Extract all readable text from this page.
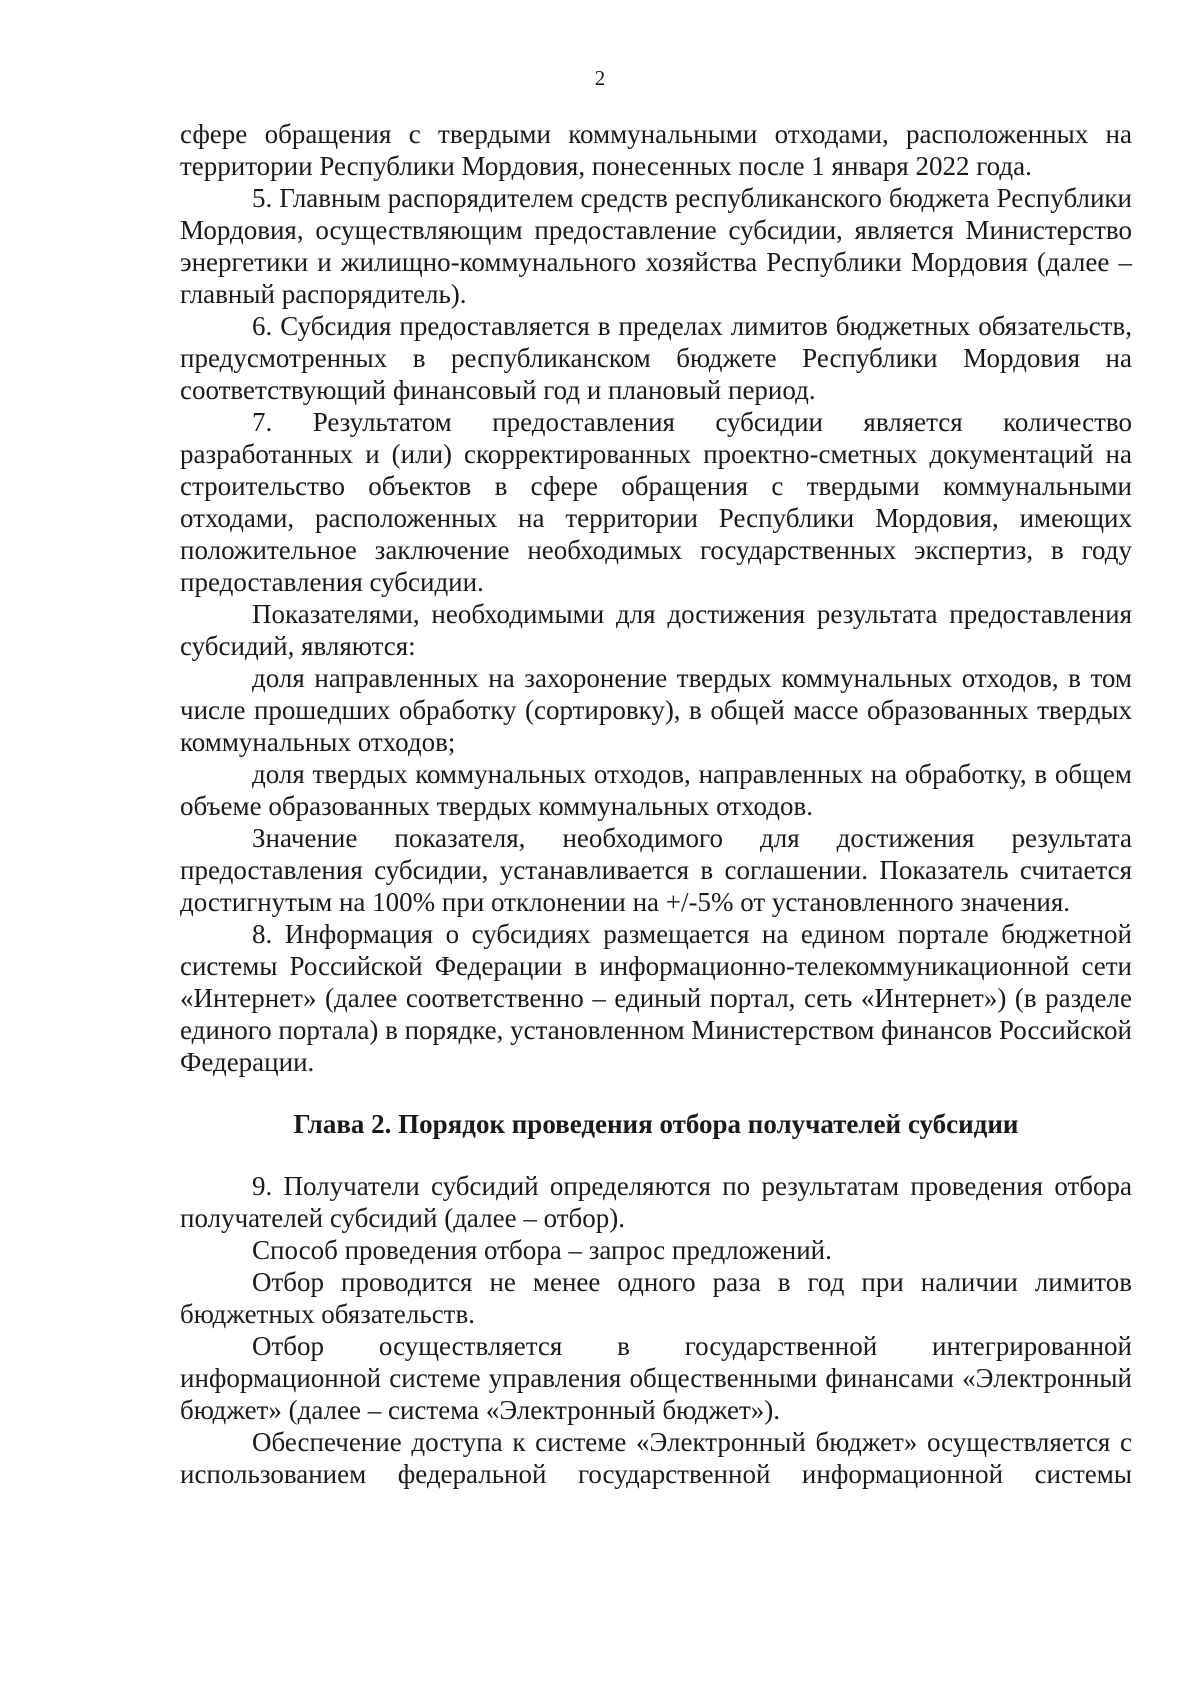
2

сфере обращения с твердыми коммунальными отходами, расположенных на территории Республики Мордовия, понесенных после 1 января 2022 года.

5. Главным распорядителем средств республиканского бюджета Республики Мордовия, осуществляющим предоставление субсидии, является Министерство энергетики и жилищно-коммунального хозяйства Республики Мордовия (далее – главный распорядитель).

6. Субсидия предоставляется в пределах лимитов бюджетных обязательств, предусмотренных в республиканском бюджете Республики Мордовия на соответствующий финансовый год и плановый период.

7. Результатом предоставления субсидии является количество разработанных и (или) скорректированных проектно-сметных документаций на строительство объектов в сфере обращения с твердыми коммунальными отходами, расположенных на территории Республики Мордовия, имеющих положительное заключение необходимых государственных экспертиз, в году предоставления субсидии.

Показателями, необходимыми для достижения результата предоставления субсидий, являются:

доля направленных на захоронение твердых коммунальных отходов, в том числе прошедших обработку (сортировку), в общей массе образованных твердых коммунальных отходов;

доля твердых коммунальных отходов, направленных на обработку, в общем объеме образованных твердых коммунальных отходов.

Значение показателя, необходимого для достижения результата предоставления субсидии, устанавливается в соглашении. Показатель считается достигнутым на 100% при отклонении на +/-5% от установленного значения.

8. Информация о субсидиях размещается на едином портале бюджетной системы Российской Федерации в информационно-телекоммуникационной сети «Интернет» (далее соответственно – единый портал, сеть «Интернет») (в разделе единого портала) в порядке, установленном Министерством финансов Российской Федерации.

Глава 2. Порядок проведения отбора получателей субсидии

9. Получатели субсидий определяются по результатам проведения отбора получателей субсидий (далее – отбор).

Способ проведения отбора – запрос предложений.

Отбор проводится не менее одного раза в год при наличии лимитов бюджетных обязательств.

Отбор осуществляется в государственной интегрированной информационной системе управления общественными финансами «Электронный бюджет» (далее – система «Электронный бюджет»).

Обеспечение доступа к системе «Электронный бюджет» осуществляется с использованием федеральной государственной информационной системы
